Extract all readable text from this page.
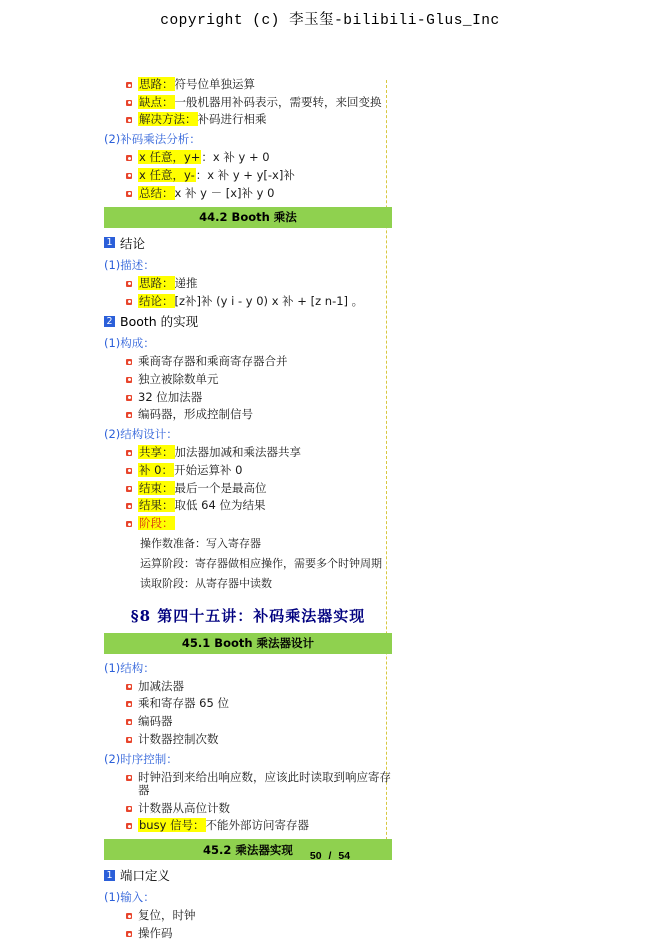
copyright (c) 李玉玺-bilibili-Glus_Inc
思路：符号位单独运算
缺点：一般机器用补码表示，需要转，来回变换
解决方法：补码进行相乘
(2)补码乘法分析：
x 任意，y+：x 补 y + 0
x 任意，y-：x 补 y + y[-x]补
总结：x 补 y － [x]补 y 0
44.2 Booth 乘法
1 结论
(1)描述：
思路：递推
结论：[z补]补 (y i - y 0) x 补 + [z n-1] 。
2 Booth 的实现
(1)构成：
乘商寄存器和乘商寄存器合并
独立被除数单元
32 位加法器
编码器，形成控制信号
(2)结构设计：
共享：加法器加减和乘法器共享
补 0：开始运算补 0
结束：最后一个是最高位
结果：取低 64 位为结果
阶段：
操作数准备：写入寄存器
运算阶段：寄存器做相应操作，需要多个时钟周期
读取阶段：从寄存器中读数
§8 第四十五讲：补码乘法器实现
45.1 Booth 乘法器设计
(1)结构：
加减法器
乘和寄存器 65 位
编码器
计数器控制次数
(2)时序控制：
时钟沿到来给出响应数，应该此时读取到响应寄存器
计数器从高位计数
busy 信号：不能外部访问寄存器
45.2 乘法器实现
1 端口定义
(1)输入：
复位，时钟
操作码
50 / 54
